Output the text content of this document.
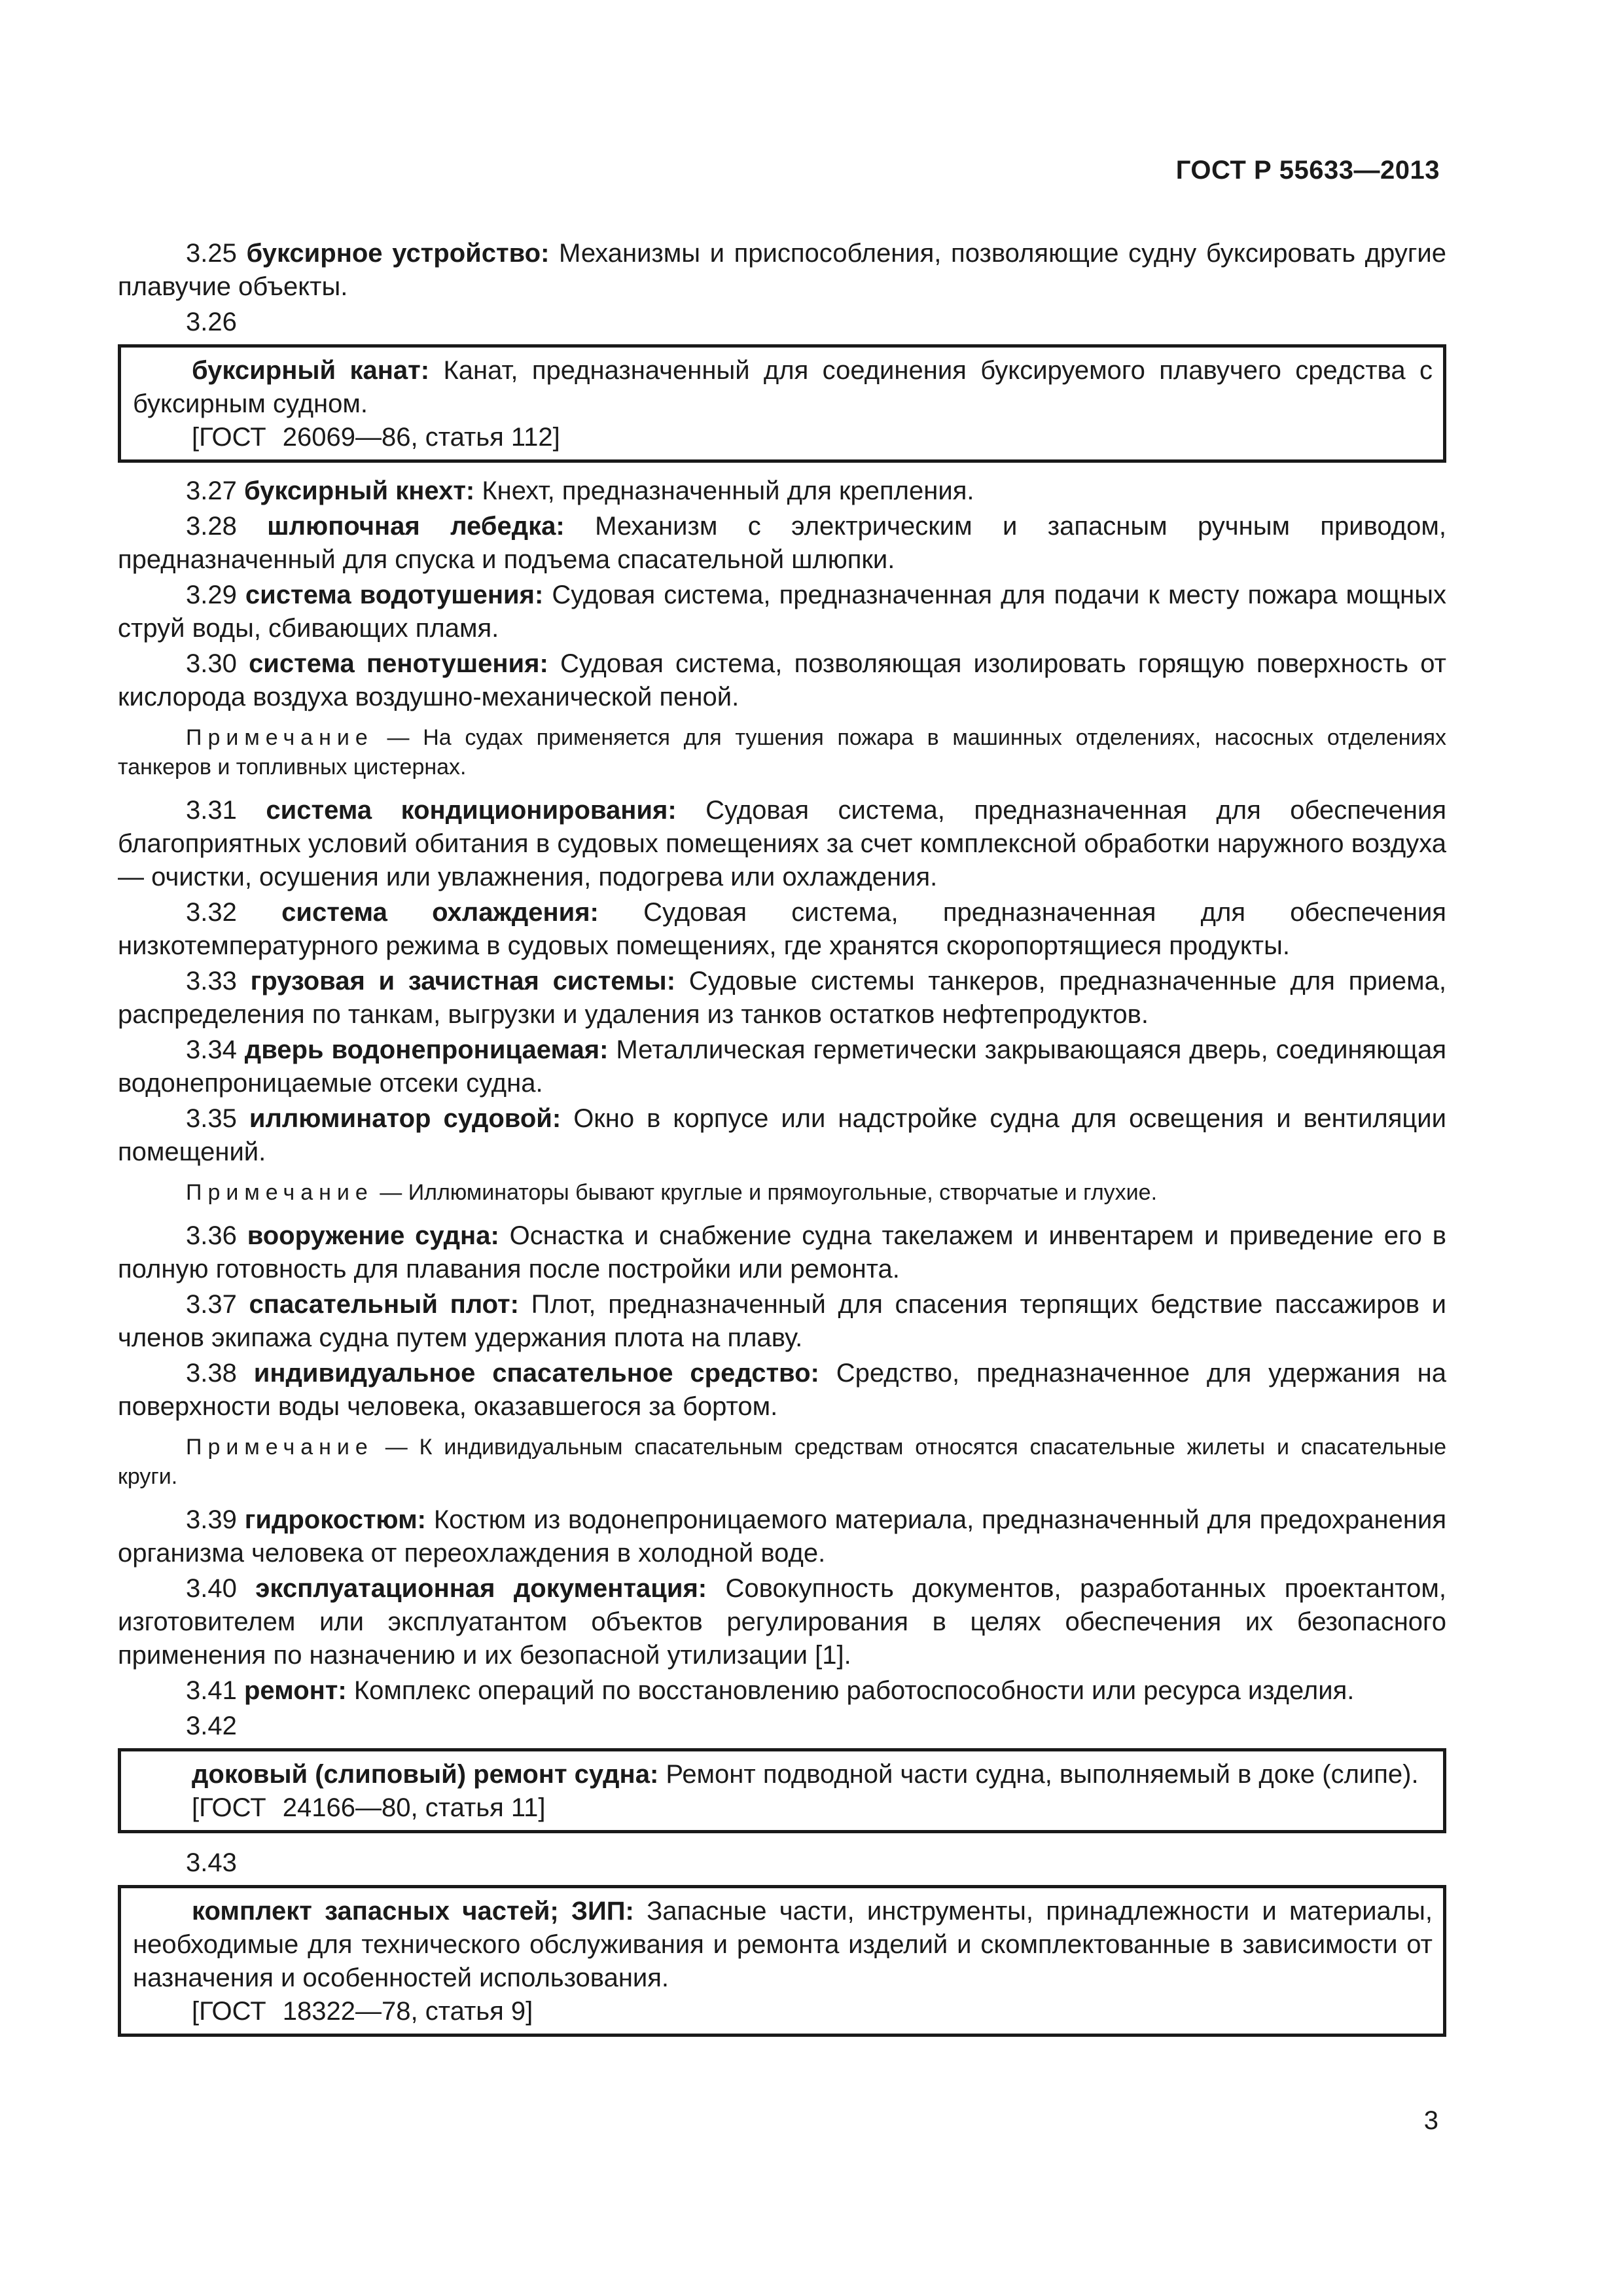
ГОСТ Р 55633—2013

3.25 буксирное устройство: Механизмы и приспособления, позволяющие судну буксировать другие плавучие объекты.

3.26

буксирный канат: Канат, предназначенный для соединения буксируемого плавучего средства с буксирным судном.

[ГОСТ 26069—86, статья 112]

3.27 буксирный кнехт: Кнехт, предназначенный для крепления.

3.28 шлюпочная лебедка: Механизм с электрическим и запасным ручным приводом, предназначенный для спуска и подъема спасательной шлюпки.

3.29 система водотушения: Судовая система, предназначенная для подачи к месту пожара мощных струй воды, сбивающих пламя.

3.30 система пенотушения: Судовая система, позволяющая изолировать горящую поверхность от кислорода воздуха воздушно-механической пеной.

Примечание — На судах применяется для тушения пожара в машинных отделениях, насосных отделениях танкеров и топливных цистернах.

3.31 система кондиционирования: Судовая система, предназначенная для обеспечения благоприятных условий обитания в судовых помещениях за счет комплексной обработки наружного воздуха — очистки, осушения или увлажнения, подогрева или охлаждения.

3.32 система охлаждения: Судовая система, предназначенная для обеспечения низкотемпературного режима в судовых помещениях, где хранятся скоропортящиеся продукты.

3.33 грузовая и зачистная системы: Судовые системы танкеров, предназначенные для приема, распределения по танкам, выгрузки и удаления из танков остатков нефтепродуктов.

3.34 дверь водонепроницаемая: Металлическая герметически закрывающаяся дверь, соединяющая водонепроницаемые отсеки судна.

3.35 иллюминатор судовой: Окно в корпусе или надстройке судна для освещения и вентиляции помещений.

Примечание — Иллюминаторы бывают круглые и прямоугольные, створчатые и глухие.

3.36 вооружение судна: Оснастка и снабжение судна такелажем и инвентарем и приведение его в полную готовность для плавания после постройки или ремонта.

3.37 спасательный плот: Плот, предназначенный для спасения терпящих бедствие пассажиров и членов экипажа судна путем удержания плота на плаву.

3.38 индивидуальное спасательное средство: Средство, предназначенное для удержания на поверхности воды человека, оказавшегося за бортом.

Примечание — К индивидуальным спасательным средствам относятся спасательные жилеты и спасательные круги.

3.39 гидрокостюм: Костюм из водонепроницаемого материала, предназначенный для предохранения организма человека от переохлаждения в холодной воде.

3.40 эксплуатационная документация: Совокупность документов, разработанных проектантом, изготовителем или эксплуатантом объектов регулирования в целях обеспечения их безопасного применения по назначению и их безопасной утилизации [1].

3.41 ремонт: Комплекс операций по восстановлению работоспособности или ресурса изделия.

3.42

доковый (слиповый) ремонт судна: Ремонт подводной части судна, выполняемый в доке (слипе).

[ГОСТ 24166—80, статья 11]
3.43

комплект запасных частей; ЗИП: Запасные части, инструменты, принадлежности и материалы, необходимые для технического обслуживания и ремонта изделий и скомплектованные в зависимости от назначения и особенностей использования.

[ГОСТ 18322—78, статья 9]
3
